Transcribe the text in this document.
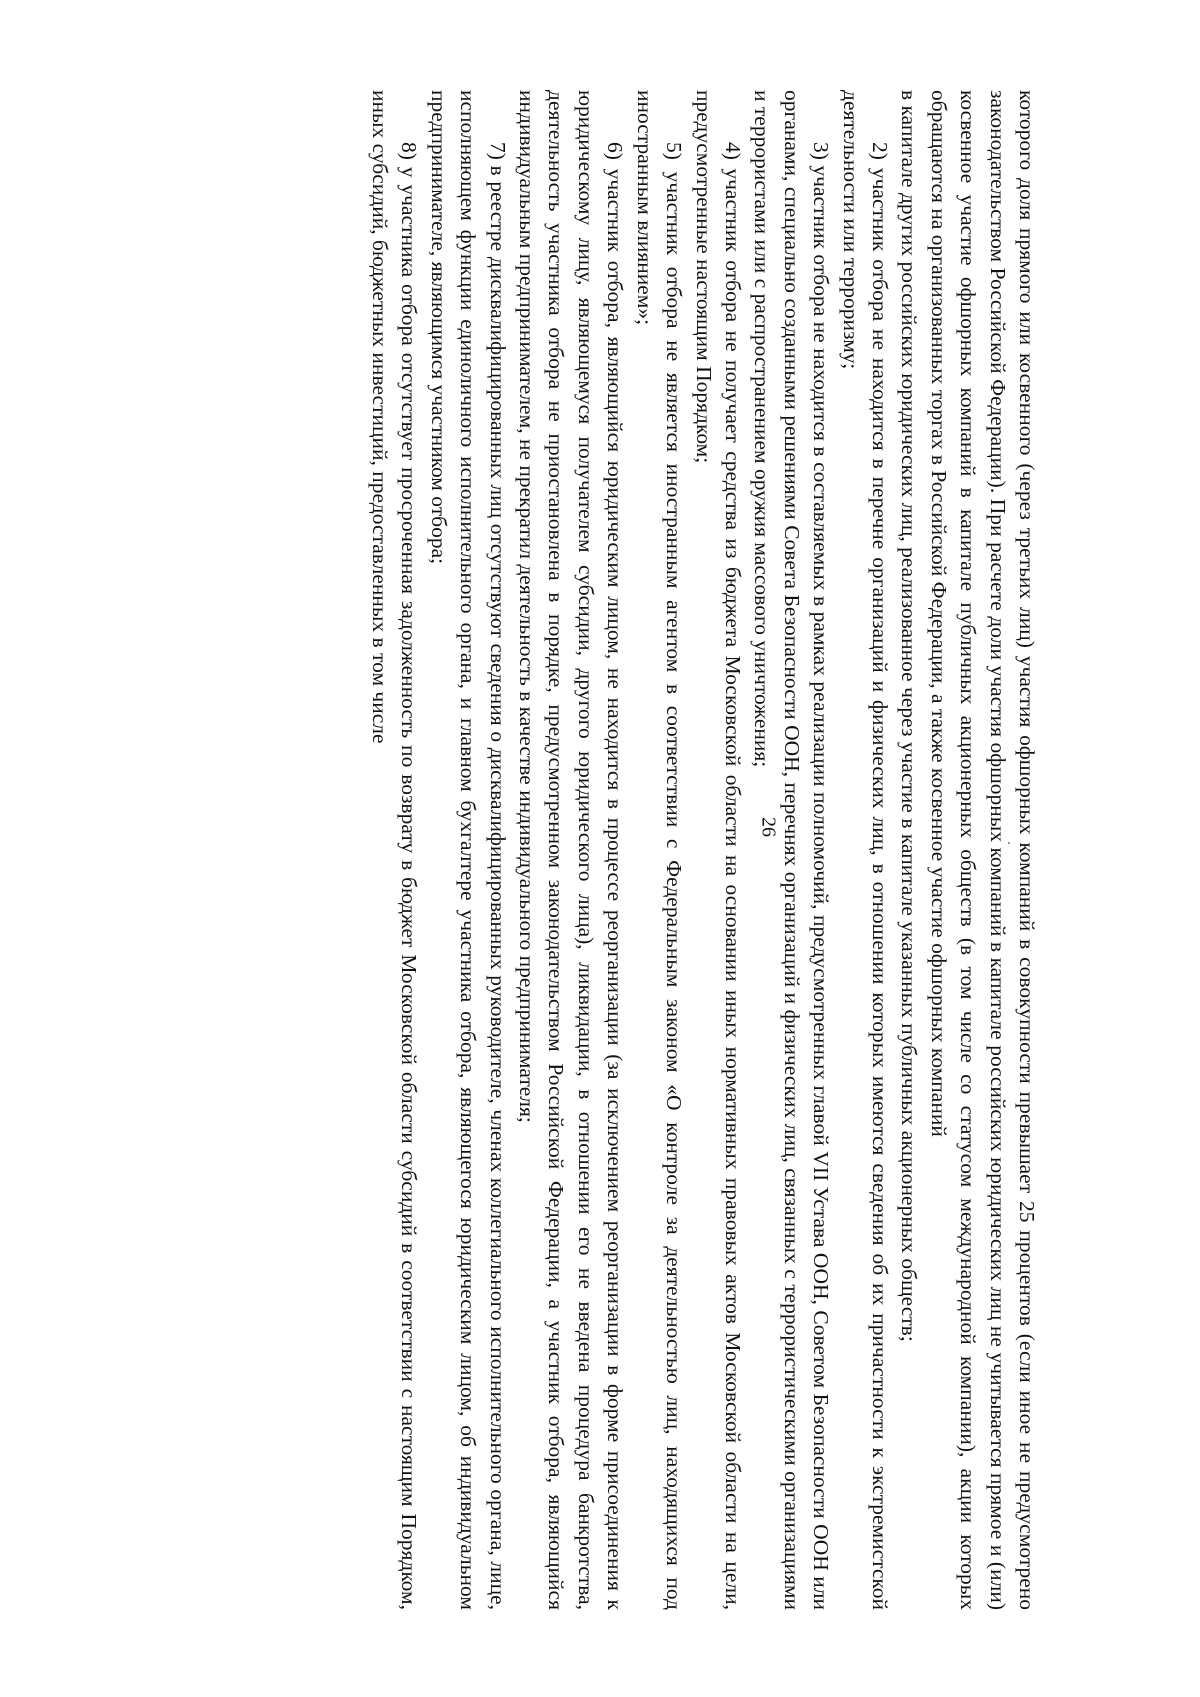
26	которого доля прямого или косвенного (через третьих лиц) участия офшорных компаний в совокупности превышает 25 процентов (если иное не предусмотрено законодательством Российской Федерации). При расчете доли участия офшорных компаний в капитале российских юридических лиц не учитывается прямое и (или) косвенное участие офшорных компаний в капитале публичных акционерных обществ (в том числе со статусом международной компании), акции которых обращаются на организованных торгах в Российской Федерации, а также косвенное участие офшорных компаний

в капитале других российских юридических лиц, реализованное через участие в капитале указанных публичных акционерных обществ;

2) участник отбора не находится в перечне организаций и физических лиц, в отношении которых имеются сведения об их причастности к экстремистской деятельности или терроризму;

3) участник отбора не находится в составляемых в рамках реализации полномочий, предусмотренных главой VII Устава ООН, Советом Безопасности ООН или органами, специально созданными решениями Совета Безопасности ООН, перечнях организаций и физических лиц, связанных с террористическими организациями и террористами или с распространением оружия массового уничтожения;

4) участник отбора не получает средства из бюджета Московской области на основании иных нормативных правовых актов Московской области на цели, предусмотренные настоящим Порядком;

5) участник отбора не является иностранным агентом в соответствии с Федеральным законом «О контроле за деятельностью лиц, находящихся под иностранным влиянием»;

6) участник отбора, являющийся юридическим лицом, не находится в процессе реорганизации (за исключением реорганизации в форме присоединения к юридическому лицу, являющемуся получателем субсидии, другого юридического лица), ликвидации, в отношении его не введена процедура банкротства, деятельность участника отбора не приостановлена в порядке, предусмотренном законодательством Российской Федерации, а участник отбора, являющийся индивидуальным предпринимателем, не прекратил деятельность в качестве индивидуального предпринимателя;

7) в реестре дисквалифицированных лиц отсутствуют сведения о дисквалифицированных руководителе, членах коллегиального исполнительного органа, лице, исполняющем функции единоличного исполнительного органа, и главном бухгалтере участника отбора, являющегося юридическим лицом, об индивидуальном предпринимателе, являющимся участником отбора;

8) у участника отбора отсутствует просроченная задолженность по возврату в бюджет Московской области субсидий в соответствии с настоящим Порядком, иных субсидий, бюджетных инвестиций, предоставленных в том числе
